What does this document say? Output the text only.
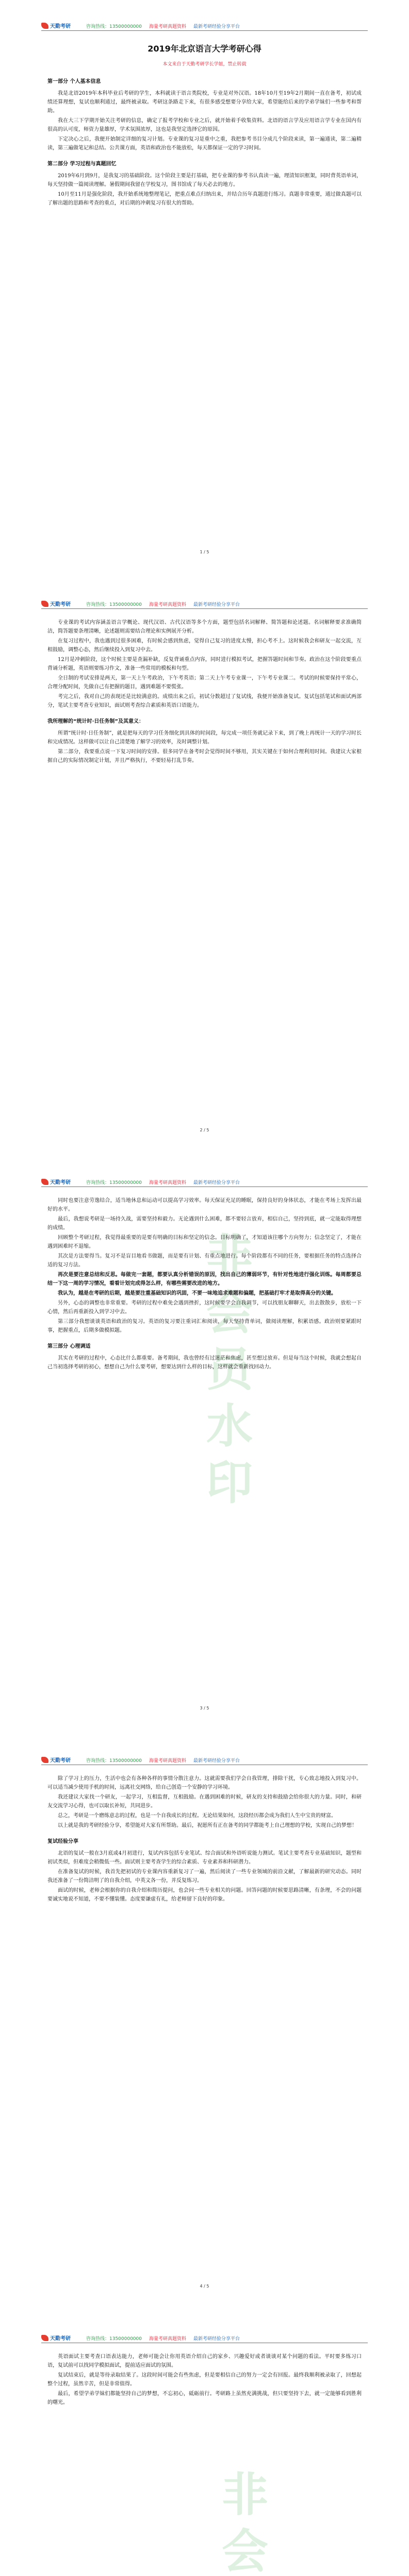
天勤考研	咨询热线：13500000000 海量考研真题资料 最新考研经验分享平台
2019年北京语言大学考研心得
本文来自于天勤考研学长学姐，禁止转载
第一部分 个人基本信息

我是北语2019年本科毕业后考研的学生，本科就读于语言类院校，专业是对外汉语。18年10月至19年2月期间一直在备考，初试成绩还算理想，复试也顺利通过，最终被录取。考研这条路走下来，有很多感受想要分享给大家，希望能给后来的学弟学妹们一些参考和帮助。

我在大三下学期开始关注考研的信息，确定了报考学校和专业之后，就开始着手收集资料。北语的语言学及应用语言学专业在国内有很高的认可度，师资力量雄厚，学术氛围浓厚，这也是我坚定选择它的原因。

下定决心之后，我便开始制定详细的复习计划。专业课的复习是重中之重，我把参考书目分成几个阶段来读，第一遍通读，第二遍精读，第三遍做笔记和总结。公共课方面，英语和政治也不能放松，每天都保证一定的学习时间。

第二部分 学习过程与真题回忆

2019年6月到9月，是我复习的基础阶段。这个阶段主要是打基础，把专业课的参考书认真读一遍，理清知识框架，同时背英语单词，每天坚持做一篇阅读理解。暑假期间我留在学校复习，图书馆成了每天必去的地方。

10月至11月是强化阶段，我开始系统地整理笔记，把重点难点归纳出来，并结合历年真题进行练习。真题非常重要，通过做真题可以了解出题的思路和考查的重点，对后期的冲刺复习有很大的帮助。

1 / 5
天勤考研	咨询热线：13500000000 海量考研真题资料 最新考研经验分享平台

专业课的考试内容涵盖语言学概论、现代汉语、古代汉语等多个方面，题型包括名词解释、简答题和论述题。名词解释要求准确简洁，简答题要条理清晰，论述题则需要结合理论和实例展开分析。

在复习过程中，我也遇到过很多困难，有时候会感到焦虑，觉得自己复习的进度太慢，担心考不上。这时候我会和研友一起交流，互相鼓励，调整心态，然后继续投入到复习中去。

12月是冲刺阶段，这个时候主要是查漏补缺，反复背诵重点内容，同时进行模拟考试，把握答题时间和节奏。政治在这个阶段要重点背诵分析题，英语则要练习作文，准备一些常用的模板和句型。

全日制的考试安排是两天，第一天上午考政治，下午考英语；第二天上午考专业课一，下午考专业课二。考试的时候要保持平常心，合理分配时间，先做自己有把握的题目，遇到难题不要慌张。

考完之后，我对自己的表现还是比较满意的。成绩出来之后，初试分数超过了复试线，我便开始准备复试。复试包括笔试和面试两部分，笔试主要考查专业知识，面试则考查综合素质和英语口语能力。

我所理解的“统计时·日任务制”及其意义：

所谓“统计时·日任务制”，就是把每天的学习任务细化到具体的时间段，每完成一项任务就记录下来，到了晚上再统计一天的学习时长和完成情况。这样做可以让自己清楚地了解学习的效率，及时调整计划。

第二部分，我要重点说一下复习时间的安排。很多同学在备考时会觉得时间不够用，其实关键在于如何合理利用时间。我建议大家根据自己的实际情况制定计划，并且严格执行，不要轻易打乱节奏。

2 / 5
天勤考研	咨询热线：13500000000 海量考研真题资料 最新考研经验分享平台
非会员水印

同时也要注意劳逸结合，适当地休息和运动可以提高学习效率。每天保证充足的睡眠，保持良好的身体状态，才能在考场上发挥出最好的水平。

最后，我想说考研是一场持久战，需要坚持和毅力。无论遇到什么困难，都不要轻言放弃，相信自己，坚持到底，就一定能取得理想的成绩。

回顾整个考研过程，我觉得最重要的是要有明确的目标和坚定的信念。目标明确了，才知道该往哪个方向努力；信念坚定了，才能在遇到困难时不退缩。

其次是方法要得当。复习不是盲目地看书做题，而是要有计划、有重点地进行。每个阶段都有不同的任务，要根据任务的特点选择合适的复习方法。

再次是要注意总结和反思。每做完一套题，都要认真分析错误的原因，找出自己的薄弱环节，有针对性地进行强化训练。每周都要总结一下这一周的学习情况，看看计划完成得怎么样，有哪些需要改进的地方。

我认为，越是在考研的后期，越是要注重基础知识的巩固，不要一味地追求难题和偏题，把基础打牢才是取得高分的关键。

另外，心态的调整也非常重要。考研的过程中难免会遇到挫折，这时候要学会自我调节，可以找朋友聊聊天，出去散散步，放松一下心情，然后再重新投入到学习中去。

第三部分我想谈谈英语和政治的复习。英语的复习要注重词汇和阅读，每天坚持背单词，做阅读理解，积累语感。政治则要紧跟时事，把握重点，后期多做模拟题。

第三部分 心理调适

其实在考研的过程中，心态比什么都重要。备考期间，我也曾经有过迷茫和焦虑，甚至想过放弃。但是每当这个时候，我就会想起自己当初选择考研的初心，想想自己为什么要考研，想要达到什么样的目标，这样就会重新找回动力。

3 / 5
天勤考研	咨询热线：13500000000 海量考研真题资料 最新考研经验分享平台

除了学习上的压力，生活中也会有各种各样的事情分散注意力。这就需要我们学会自我管理，排除干扰，专心致志地投入到复习中。可以适当减少使用手机的时间，远离社交网络，给自己创造一个安静的学习环境。

我还建议大家找一个研友，一起学习，互相监督，互相鼓励。在遇到困难的时候，研友的支持和鼓励会给你很大的力量。同时，和研友交流学习心得，也可以取长补短，共同进步。

总之，考研是一个磨练意志的过程，也是一个自我成长的过程。无论结果如何，这段经历都会成为我们人生中宝贵的财富。

以上就是我的考研经验分享，希望能对大家有所帮助。最后，祝愿所有正在备考的同学都能考上自己理想的学校，实现自己的梦想！

复试经验分享

北语的复试一般在3月底或4月初进行，复试内容包括专业笔试、综合面试和外语听说能力测试。笔试主要考查专业基础知识，题型和初试类似，但难度会稍微低一些。面试则主要考查学生的综合素质、专业素养和科研潜力。

在准备复试的时候，我首先把初试的专业课内容重新复习了一遍，然后阅读了一些专业领域的前沿文献，了解最新的研究动态。同时我还准备了一份简洁明了的自我介绍，中英文各一份，并反复练习。

面试的时候，老师会根据你的自我介绍和简历提问，也会问一些专业相关的问题。回答问题的时候要思路清晰，有条理，不会的问题要诚实地说不知道，不要不懂装懂。态度要谦虚有礼，给老师留下良好的印象。

4 / 5
天勤考研	咨询热线：13500000000 海量考研真题资料 最新考研经验分享平台
非会

英语面试主要考查口语表达能力，老师可能会让你用英语介绍自己的家乡、兴趣爱好或者谈谈对某个问题的看法。平时要多练习口语，复试前可以找同学模拟面试，提前适应面试的氛围。

复试结束后，就是等待录取结果了。这段时间可能会有些焦虑，但是要相信自己的努力一定会有回报。最终我顺利被录取了，回想起整个过程，虽然辛苦，但是非常值得。

最后，希望学弟学妹们都能坚持自己的梦想，不忘初心，砥砺前行。考研路上虽然充满挑战，但只要坚持下去，就一定能够看到胜利的曙光。
